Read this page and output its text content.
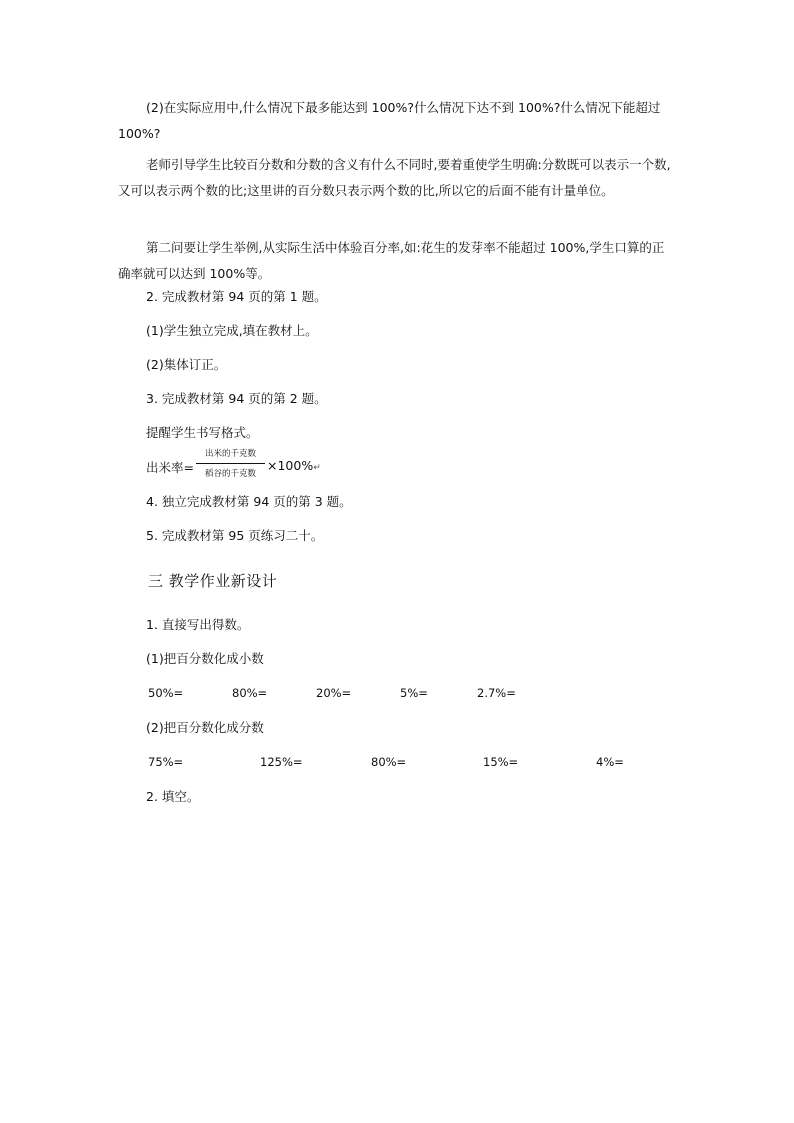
(2)在实际应用中,什么情况下最多能达到 100%?什么情况下达不到 100%?什么情况下能超过 100%?
老师引导学生比较百分数和分数的含义有什么不同时,要着重使学生明确:分数既可以表示一个数,又可以表示两个数的比;这里讲的百分数只表示两个数的比,所以它的后面不能有计量单位。
第二问要让学生举例,从实际生活中体验百分率,如:花生的发芽率不能超过 100%,学生口算的正确率就可以达到 100%等。
2. 完成教材第 94 页的第 1 题。
(1)学生独立完成,填在教材上。
(2)集体订正。
3. 完成教材第 94 页的第 2 题。
提醒学生书写格式。
出米率=
出米的千克数
稻谷的千克数
×100%↵
4. 独立完成教材第 94 页的第 3 题。
5. 完成教材第 95 页练习二十。
三 教学作业新设计
1. 直接写出得数。
(1)把百分数化成小数
50%=	80%=	20%=	5%=	2.7%=
(2)把百分数化成分数
75%=	125%=	80%=	15%=	4%=
2. 填空。
